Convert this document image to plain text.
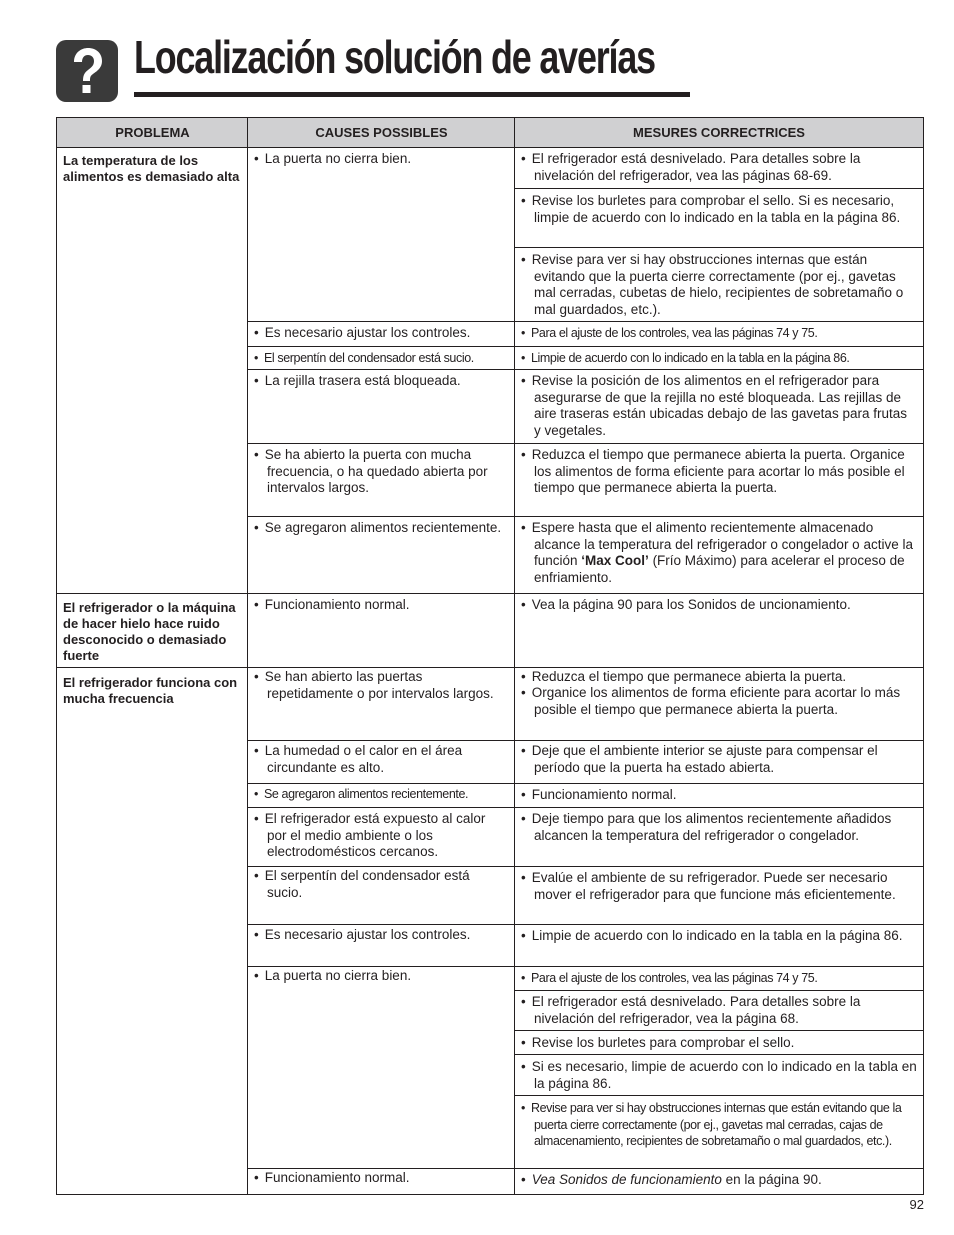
Localización solución de averías
PROBLEMA	CAUSES POSSIBLES	MESURES CORRECTRICES
La temperatura de los alimentos es demasiado alta
El refrigerador o la máquina de hacer hielo hace ruido desconocido o demasiado fuerte
El refrigerador funciona con mucha frecuencia
• La puerta no cierra bien.
• Es necesario ajustar los controles.
• El serpentín del condensador está sucio.
• La rejilla trasera está bloqueada.
• Se ha abierto la puerta con mucha frecuencia, o ha quedado abierta por intervalos largos.
• Se agregaron alimentos recientemente.
• Funcionamiento normal.
• Se han abierto las puertas repetidamente o por intervalos largos.
• La humedad o el calor en el área circundante es alto.
• Se agregaron alimentos recientemente.
• El refrigerador está expuesto al calor por el medio ambiente o los electrodomésticos cercanos.
• El serpentín del condensador está sucio.
• Es necesario ajustar los controles.
• La puerta no cierra bien.
• Funcionamiento normal.
• El refrigerador está desnivelado. Para detalles sobre la nivelación del refrigerador, vea las páginas 68-69.
• Revise los burletes para comprobar el sello. Si es necesario, limpie de acuerdo con lo indicado en la tabla en la página 86.
• Revise para ver si hay obstrucciones internas que están evitando que la puerta cierre correctamente (por ej., gavetas mal cerradas, cubetas de hielo, recipientes de sobretamaño o mal guardados, etc.).
• Para el ajuste de los controles, vea las páginas 74 y 75.
• Limpie de acuerdo con lo indicado en la tabla en la página 86.
• Revise la posición de los alimentos en el refrigerador para asegurarse de que la rejilla no esté bloqueada. Las rejillas de aire traseras están ubicadas debajo de las gavetas para frutas y vegetales.
• Reduzca el tiempo que permanece abierta la puerta. Organice los alimentos de forma eficiente para acortar lo más posible el tiempo que permanece abierta la puerta.
• Espere hasta que el alimento recientemente almacenado alcance la temperatura del refrigerador o congelador o active la función ‘Max Cool’ (Frío Máximo) para acelerar el proceso de enfriamiento.
• Vea la página 90 para los Sonidos de uncionamiento.
• Reduzca el tiempo que permanece abierta la puerta.
• Organice los alimentos de forma eficiente para acortar lo más posible el tiempo que permanece abierta la puerta.
• Deje que el ambiente interior se ajuste para compensar el período que la puerta ha estado abierta.
• Funcionamiento normal.
• Deje tiempo para que los alimentos recientemente añadidos alcancen la temperatura del refrigerador o congelador.
• Evalúe el ambiente de su refrigerador. Puede ser necesario mover el refrigerador para que funcione más eficientemente.
• Limpie de acuerdo con lo indicado en la tabla en la página 86.
• Para el ajuste de los controles, vea las páginas 74 y 75.
• El refrigerador está desnivelado. Para detalles sobre la nivelación del refrigerador, vea la página 68.
• Revise los burletes para comprobar el sello.
• Si es necesario, limpie de acuerdo con lo indicado en la tabla en la página 86.
• Revise para ver si hay obstrucciones internas que están evitando que la puerta cierre correctamente (por ej., gavetas mal cerradas, cajas de almacenamiento, recipientes de sobretamaño o mal guardados, etc.).
• Vea Sonidos de funcionamiento en la página 90.
92
